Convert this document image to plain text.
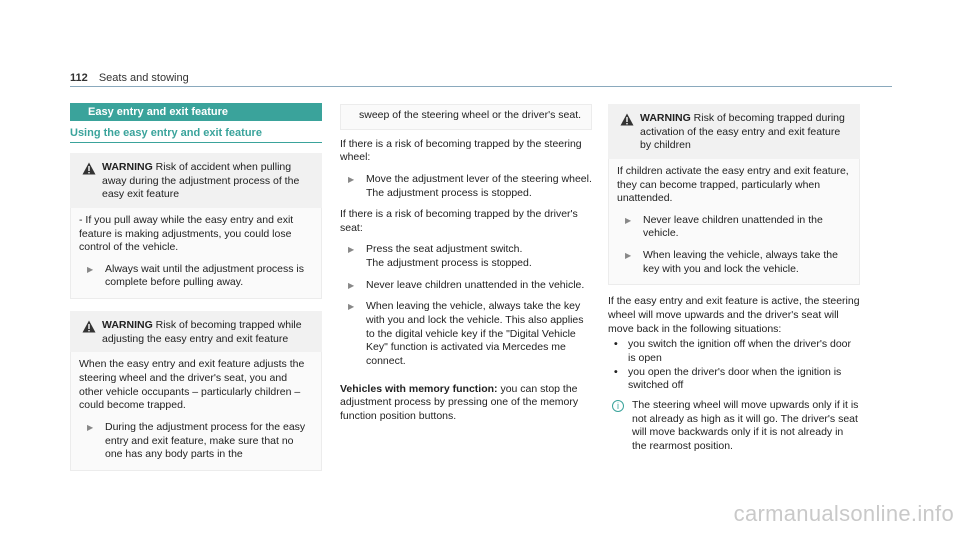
112 Seats and stowing
Easy entry and exit feature
Using the easy entry and exit feature
WARNING Risk of accident when pulling away during the adjustment process of the easy exit feature
- If you pull away while the easy entry and exit feature is making adjustments, you could lose control of the vehicle.
▶	Always wait until the adjustment process is complete before pulling away.
WARNING Risk of becoming trapped while adjusting the easy entry and exit feature
When the easy entry and exit feature adjusts the steering wheel and the driver's seat, you and other vehicle occupants – particularly children – could become trapped.
▶	During the adjustment process for the easy entry and exit feature, make sure that no one has any body parts in the
sweep of the steering wheel or the driver's seat.
If there is a risk of becoming trapped by the steering wheel:
▶	Move the adjustment lever of the steering wheel.
The adjustment process is stopped.
If there is a risk of becoming trapped by the driver's seat:
▶	Press the seat adjustment switch.
The adjustment process is stopped.
▶	Never leave children unattended in the vehicle.
▶	When leaving the vehicle, always take the key with you and lock the vehicle. This also applies to the digital vehicle key if the "Digital Vehicle Key" function is activated via Mercedes me connect.
Vehicles with memory function: you can stop the adjustment process by pressing one of the memory function position buttons.
WARNING Risk of becoming trapped during activation of the easy entry and exit feature by children
If children activate the easy entry and exit feature, they can become trapped, particularly when unattended.
▶	Never leave children unattended in the vehicle.
▶	When leaving the vehicle, always take the key with you and lock the vehicle.
If the easy entry and exit feature is active, the steering wheel will move upwards and the driver's seat will move back in the following situations:
• you switch the ignition off when the driver's door is open
• you open the driver's door when the ignition is switched off
i	The steering wheel will move upwards only if it is not already as high as it will go. The driver's seat will move backwards only if it is not already in the rearmost position.
carmanualsonline.info
